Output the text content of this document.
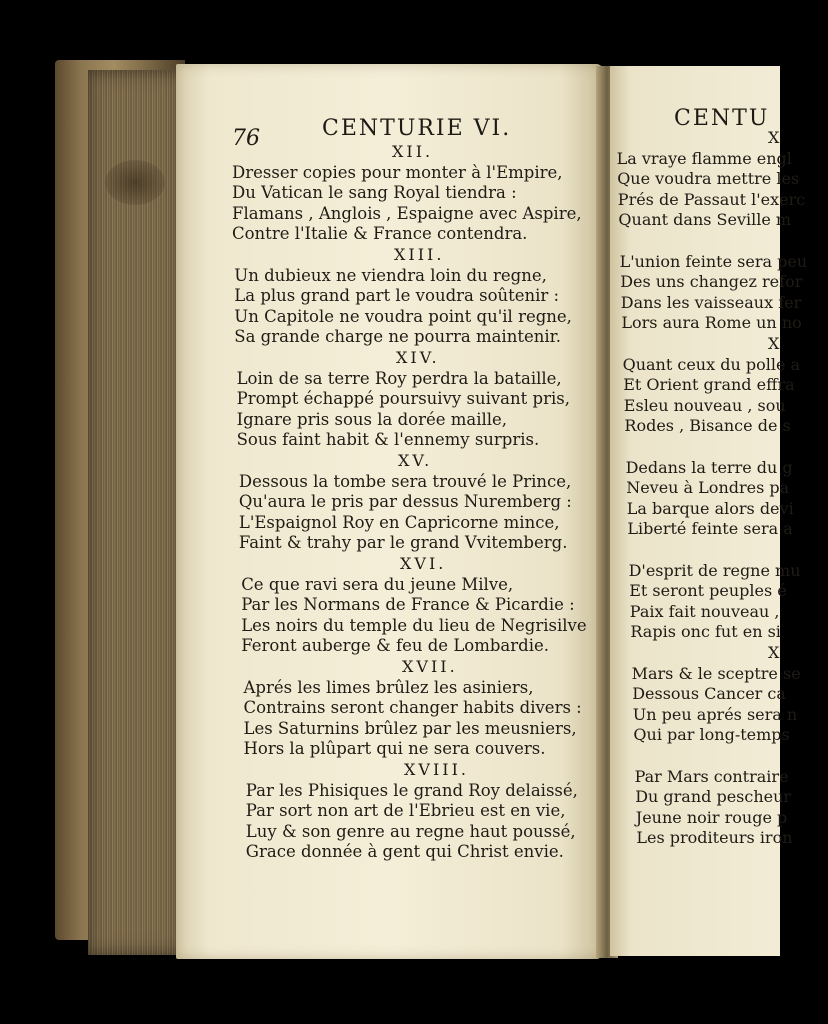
CENTU
X
La vraye flamme engl
Que voudra mettre les
Prés de Passaut l'exerc
Quant dans Seville m
L'union feinte sera peu
Des uns changez refor
Dans les vaisseaux fer
Lors aura Rome un no
X
Quant ceux du polle a
Et Orient grand effra
Esleu nouveau , sou
Rodes , Bisance de s
Dedans la terre du g
Neveu à Londres pa
La barque alors devi
Liberté feinte sera a
D'esprit de regne mu
Et seront peuples é
Paix fait nouveau ,
Rapis onc fut en si
X
Mars & le sceptre se
Dessous Cancer ca
Un peu aprés sera n
Qui par long-temps
Par Mars contraire
Du grand pescheur
Jeune noir rouge p
Les proditeurs iron
76	CENTURIE VI.
XII.
Dresser copies pour monter à l'Empire,
Du Vatican le sang Royal tiendra :
Flamans , Anglois , Espaigne avec Aspire,
Contre l'Italie & France contendra.
XIII.
Un dubieux ne viendra loin du regne,
La plus grand part le voudra soûtenir :
Un Capitole ne voudra point qu'il regne,
Sa grande charge ne pourra maintenir.
XIV.
Loin de sa terre Roy perdra la bataille,
Prompt échappé poursuivy suivant pris,
Ignare pris sous la dorée maille,
Sous faint habit & l'ennemy surpris.
XV.
Dessous la tombe sera trouvé le Prince,
Qu'aura le pris par dessus Nuremberg :
L'Espaignol Roy en Capricorne mince,
Faint & trahy par le grand Vvitemberg.
XVI.
Ce que ravi sera du jeune Milve,
Par les Normans de France & Picardie :
Les noirs du temple du lieu de Negrisilve
Feront auberge & feu de Lombardie.
XVII.
Aprés les limes brûlez les asiniers,
Contrains seront changer habits divers :
Les Saturnins brûlez par les meusniers,
Hors la plûpart qui ne sera couvers.
XVIII.
Par les Phisiques le grand Roy delaissé,
Par sort non art de l'Ebrieu est en vie,
Luy & son genre au regne haut poussé,
Grace donnée à gent qui Christ envie.
